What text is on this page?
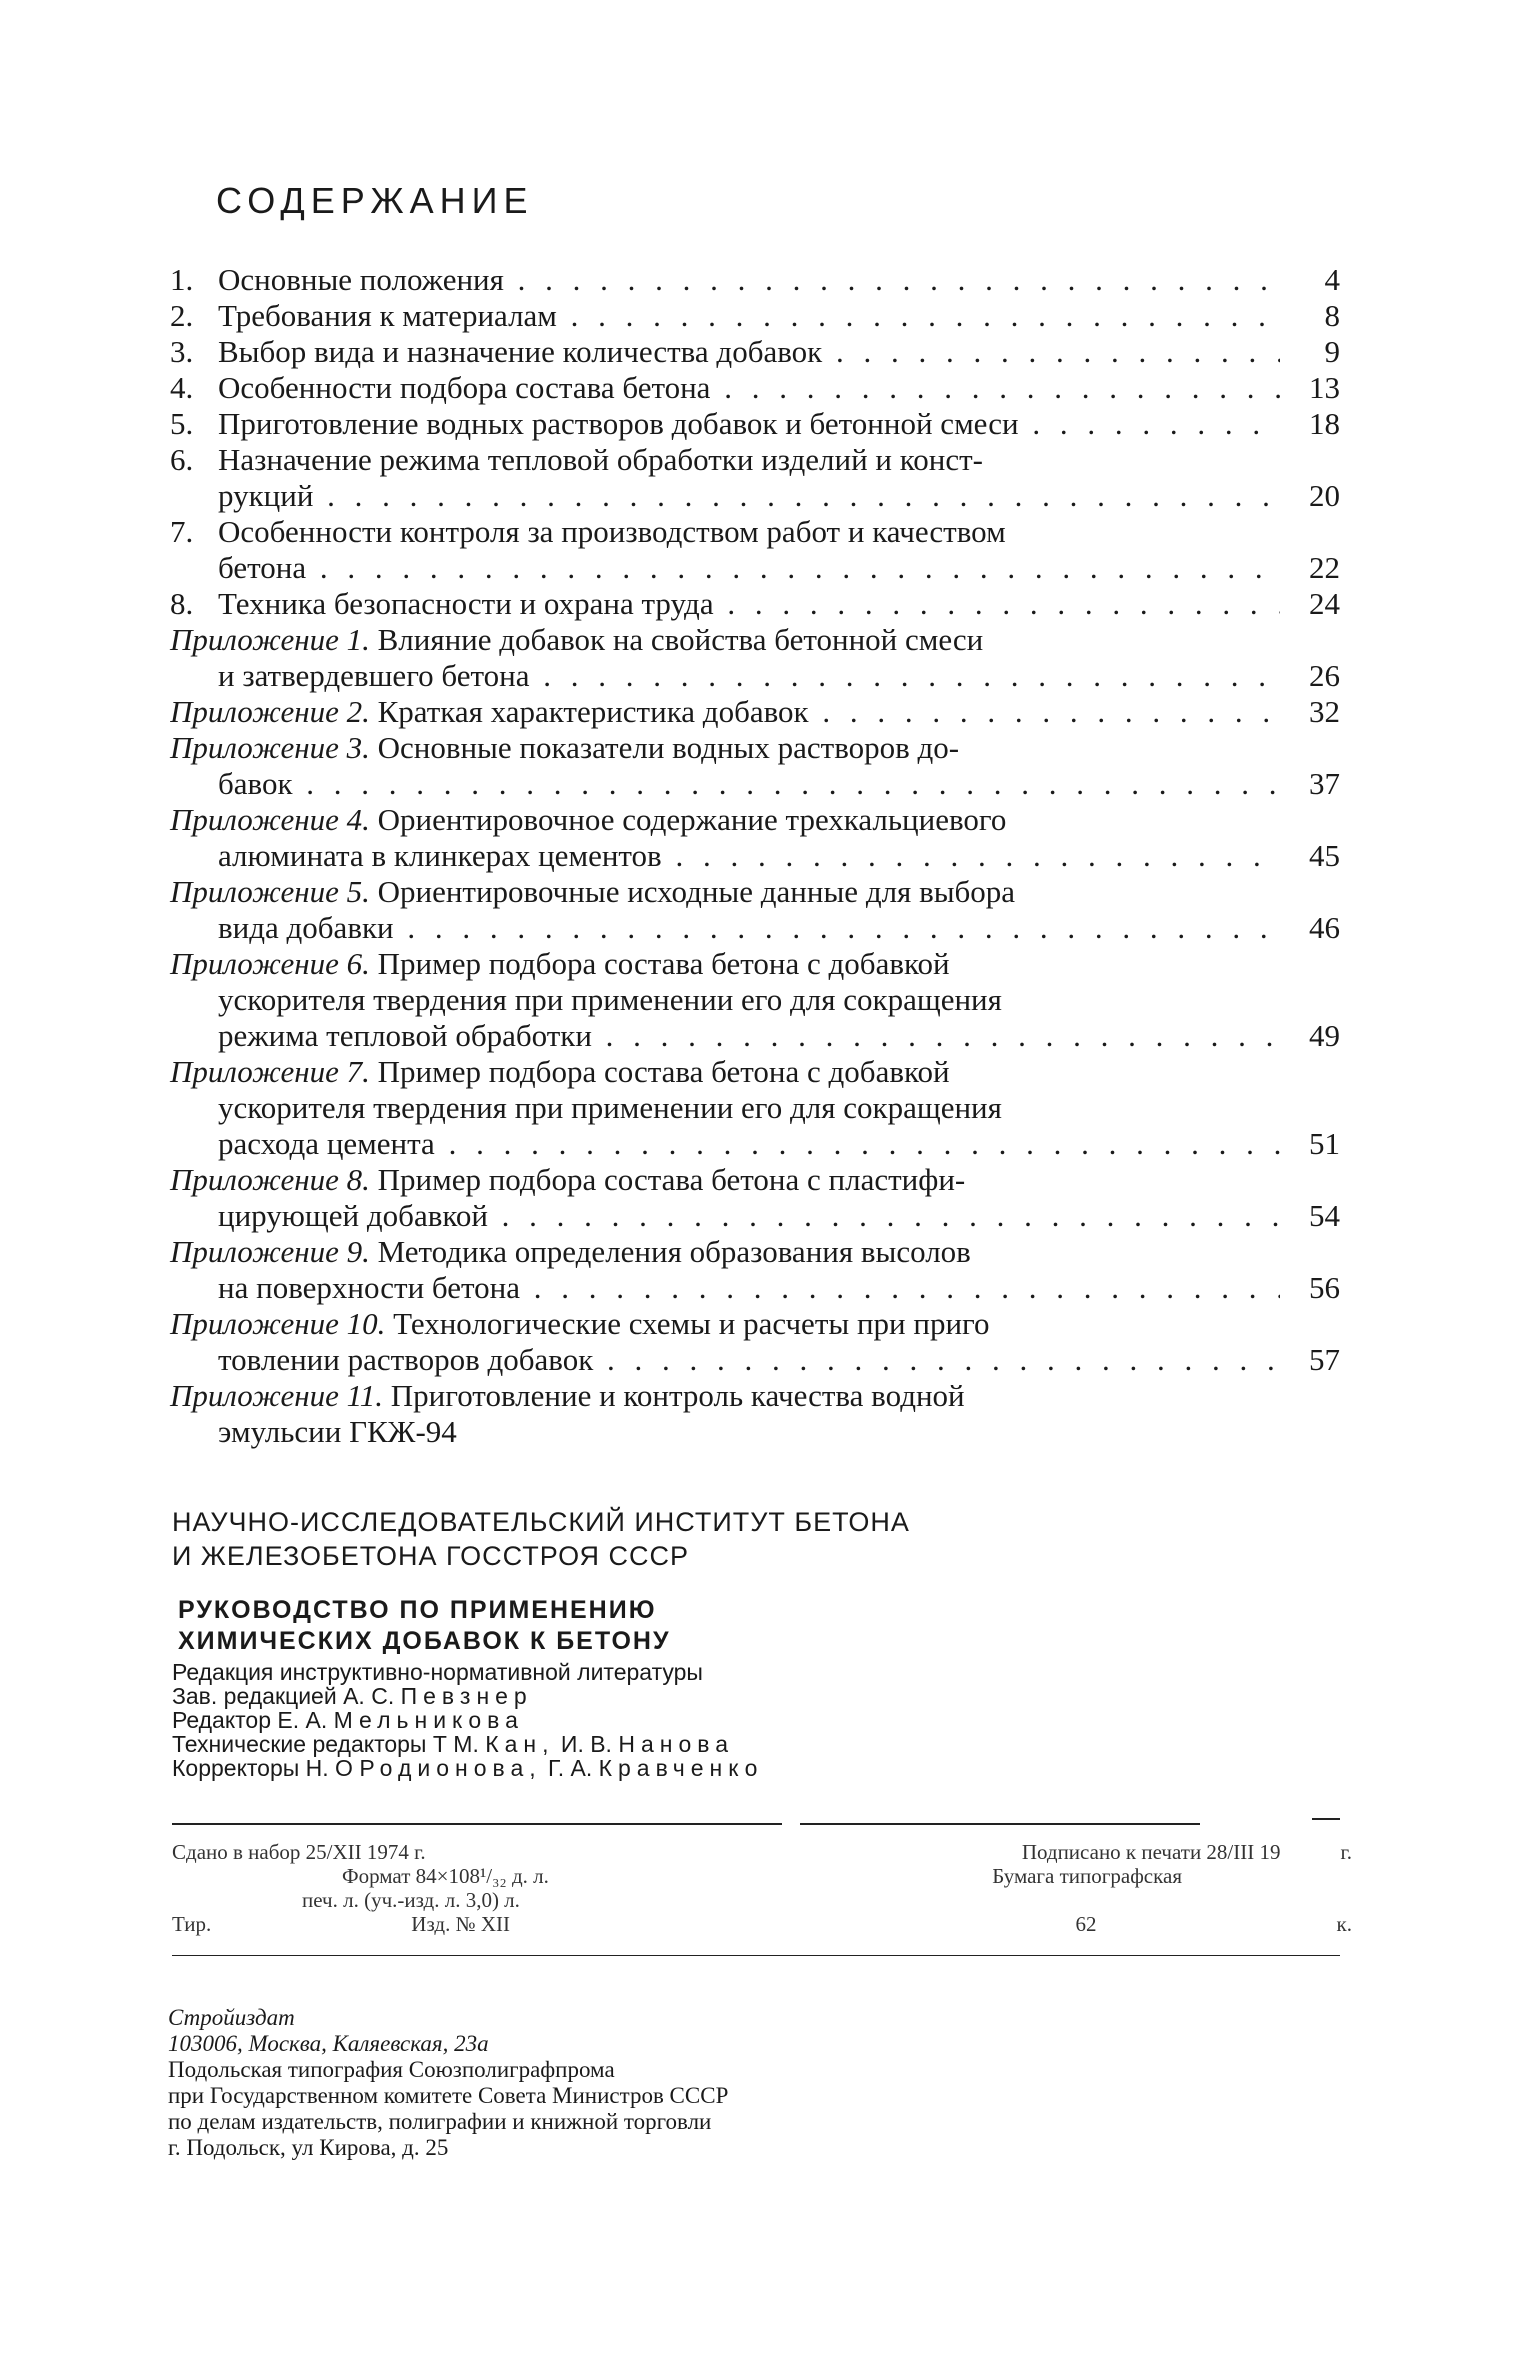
СОДЕРЖАНИЕ
1. Основные положения . . .	4
2. Требования к материалам . . .	8
3. Выбор вида и назначение количества добавок . . .	9
4. Особенности подбора состава бетона . . .	13
5. Приготовление водных растворов добавок и бетонной смеси . . .	18
6. Назначение режима тепловой обработки изделий и конст-
рукций . . .	20
7. Особенности контроля за производством работ и качеством
бетона . . .	22
8. Техника безопасности и охрана труда . . .	24
Приложение 1. Влияние добавок на свойства бетонной смеси
и затвердевшего бетона . . .	26
Приложение 2. Краткая характеристика добавок . . .	32
Приложение 3. Основные показатели водных растворов до-
бавок . . .	37
Приложение 4. Ориентировочное содержание трехкальциевого
алюмината в клинкерах цементов . . .	45
Приложение 5. Ориентировочные исходные данные для выбора
вида добавки . . .	46
Приложение 6. Пример подбора состава бетона с добавкой
ускорителя твердения при применении его для сокращения
режима тепловой обработки . . .	49
Приложение 7. Пример подбора состава бетона с добавкой
ускорителя твердения при применении его для сокращения
расхода цемента . . .	51
Приложение 8. Пример подбора состава бетона с пластифи-
цирующей добавкой . . .	54
Приложение 9. Методика определения образования высолов
на поверхности бетона . . .	56
Приложение 10. Технологические схемы и расчеты при приго
товлении растворов добавок . . .	57
Приложение 11. Приготовление и контроль качества водной
эмульсии ГКЖ-94
НАУЧНО-ИССЛЕДОВАТЕЛЬСКИЙ ИНСТИТУТ БЕТОНА
И ЖЕЛЕЗОБЕТОНА ГОССТРОЯ СССР
РУКОВОДСТВО ПО ПРИМЕНЕНИЮ
ХИМИЧЕСКИХ ДОБАВОК К БЕТОНУ
Редакция инструктивно-нормативной литературы
Зав. редакцией А. С. Певзнер
Редактор Е. А. Мельникова
Технические редакторы Т М. Кан, И. В. Нанова
Корректоры Н. О Родионова, Г. А. Кравченко
Сдано в набор 25/XII 1974 г.	Подписано к печати 28/III 19	г.
Формат 84×108¹/₃₂ д. л.	Бумага типографская
печ. л. (уч.-изд. л. 3,0) л.
Тир.	Изд. № XII	62	к.
Стройиздат
103006, Москва, Каляевская, 23а
Подольская типография Союзполиграфпрома
при Государственном комитете Совета Министров СССР
по делам издательств, полиграфии и книжной торговли
г. Подольск, ул Кирова, д. 25
